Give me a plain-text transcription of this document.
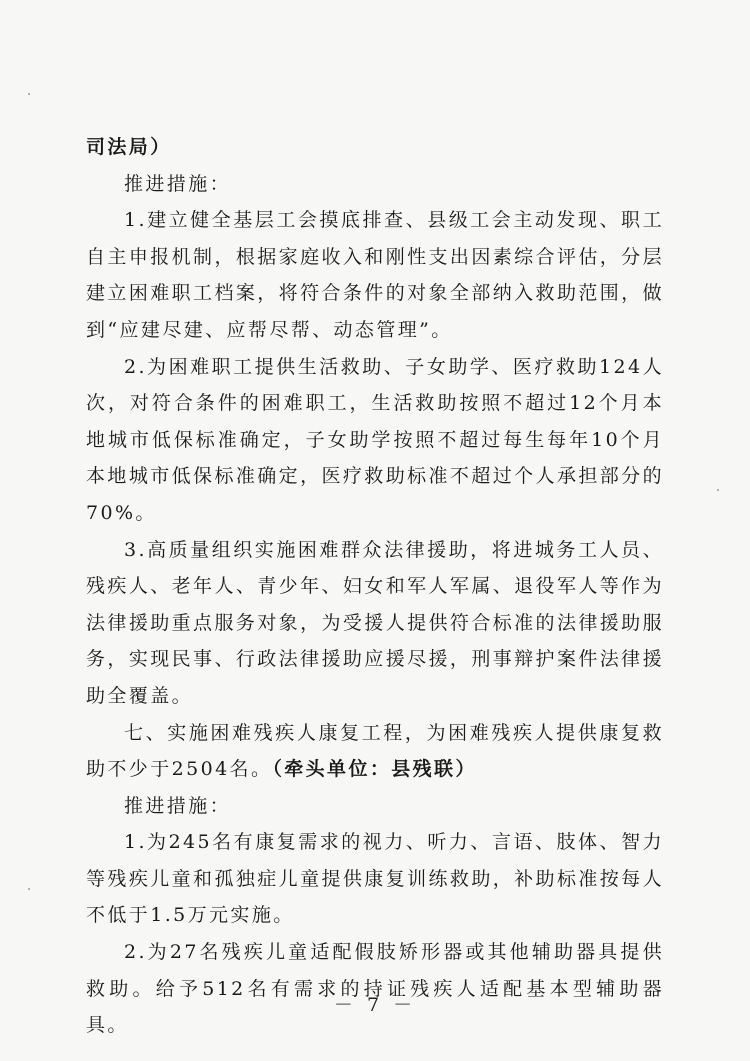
司法局）

推进措施：

1.建立健全基层工会摸底排查、县级工会主动发现、职工自主申报机制，根据家庭收入和刚性支出因素综合评估，分层建立困难职工档案，将符合条件的对象全部纳入救助范围，做到“应建尽建、应帮尽帮、动态管理”。

2.为困难职工提供生活救助、子女助学、医疗救助124人次，对符合条件的困难职工，生活救助按照不超过12个月本地城市低保标准确定，子女助学按照不超过每生每年10个月本地城市低保标准确定，医疗救助标准不超过个人承担部分的70%。

3.高质量组织实施困难群众法律援助，将进城务工人员、残疾人、老年人、青少年、妇女和军人军属、退役军人等作为法律援助重点服务对象，为受援人提供符合标准的法律援助服务，实现民事、行政法律援助应援尽援，刑事辩护案件法律援助全覆盖。

七、实施困难残疾人康复工程，为困难残疾人提供康复救助不少于2504名。（牵头单位：县残联）

推进措施：

1.为245名有康复需求的视力、听力、言语、肢体、智力等残疾儿童和孤独症儿童提供康复训练救助，补助标准按每人不低于1.5万元实施。

2.为27名残疾儿童适配假肢矫形器或其他辅助器具提供救助。给予512名有需求的持证残疾人适配基本型辅助器具。

－ 7 －
